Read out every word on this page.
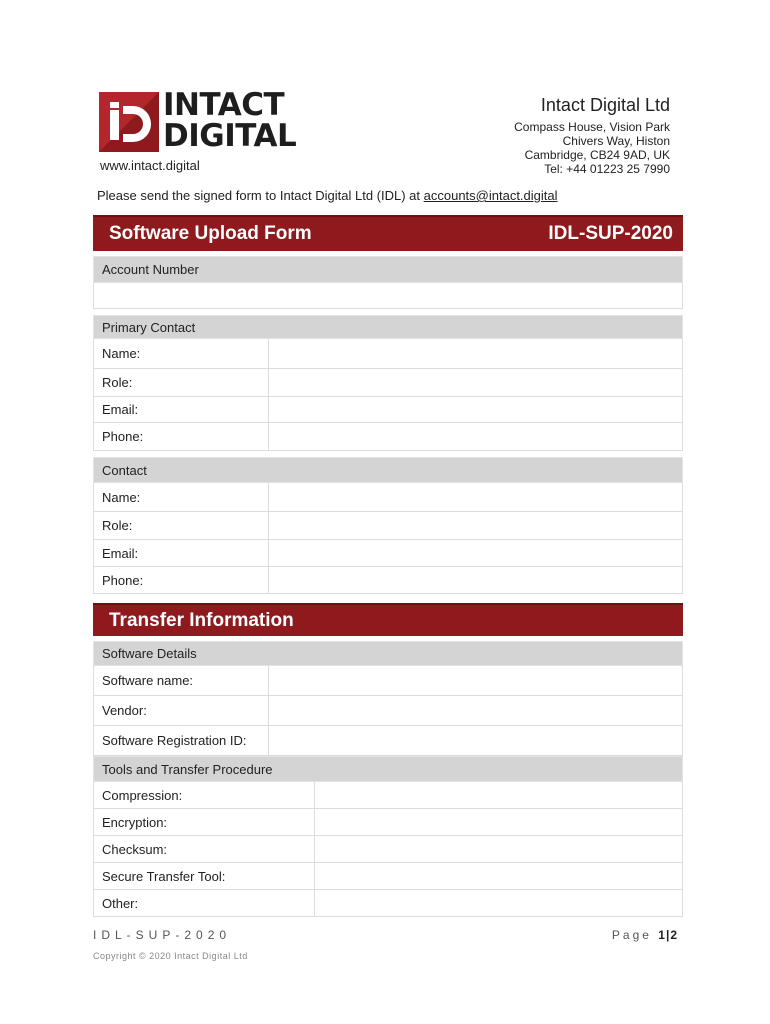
INTACT
DIGITAL
www.intact.digital
Intact Digital Ltd
Compass House, Vision Park
Chivers Way, Histon
Cambridge, CB24 9AD, UK
Tel: +44 01223 25 7990
Please send the signed form to Intact Digital Ltd (IDL) at accounts@intact.digital
Software Upload Form	IDL-SUP-2020
Account Number
Primary Contact
Name:
Role:
Email:
Phone:
Contact
Name:
Role:
Email:
Phone:
Transfer Information
Software Details
Software name:
Vendor:
Software Registration ID:
Tools and Transfer Procedure
Compression:
Encryption:
Checksum:
Secure Transfer Tool:
Other:
IDL-SUP-2020	Page 1|2
Copyright © 2020 Intact Digital Ltd
